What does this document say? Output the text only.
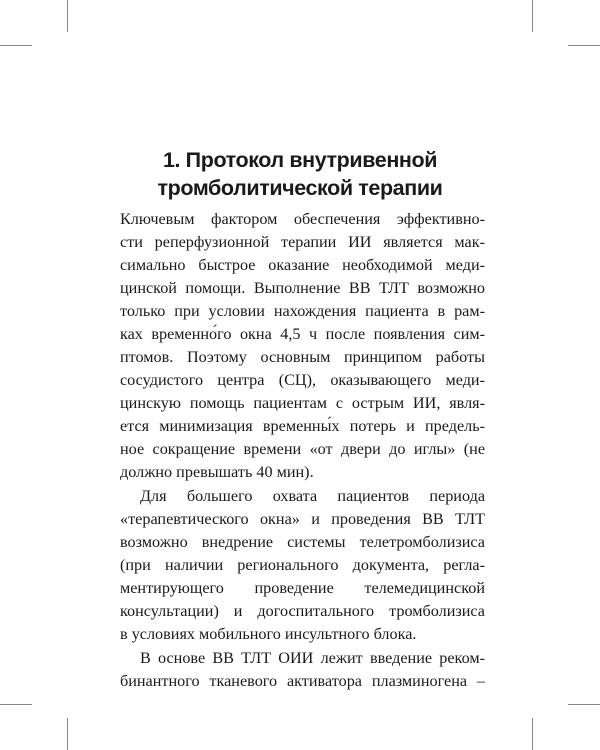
1. Протокол внутривенной
тромболитической терапии
Ключевым фактором обеспечения эффективно-
сти реперфузионной терапии ИИ является мак-
симально быстрое оказание необходимой меди-
цинской помощи. Выполнение ВВ ТЛТ возможно
только при условии нахождения пациента в рам-
ках временно́го окна 4,5 ч после появления сим-
птомов. Поэтому основным принципом работы
сосудистого центра (СЦ), оказывающего меди-
цинскую помощь пациентам с острым ИИ, явля-
ется минимизация временны́х потерь и предель-
ное сокращение времени «от двери до иглы» (не
должно превышать 40 мин).
Для большего охвата пациентов периода
«терапевтического окна» и проведения ВВ ТЛТ
возможно внедрение системы телетромболизиса
(при наличии регионального документа, регла-
ментирующего проведение телемедицинской
консультации) и догоспитального тромболизиса
в условиях мобильного инсультного блока.
В основе ВВ ТЛТ ОИИ лежит введение реком-
бинантного тканевого активатора плазминогена –
